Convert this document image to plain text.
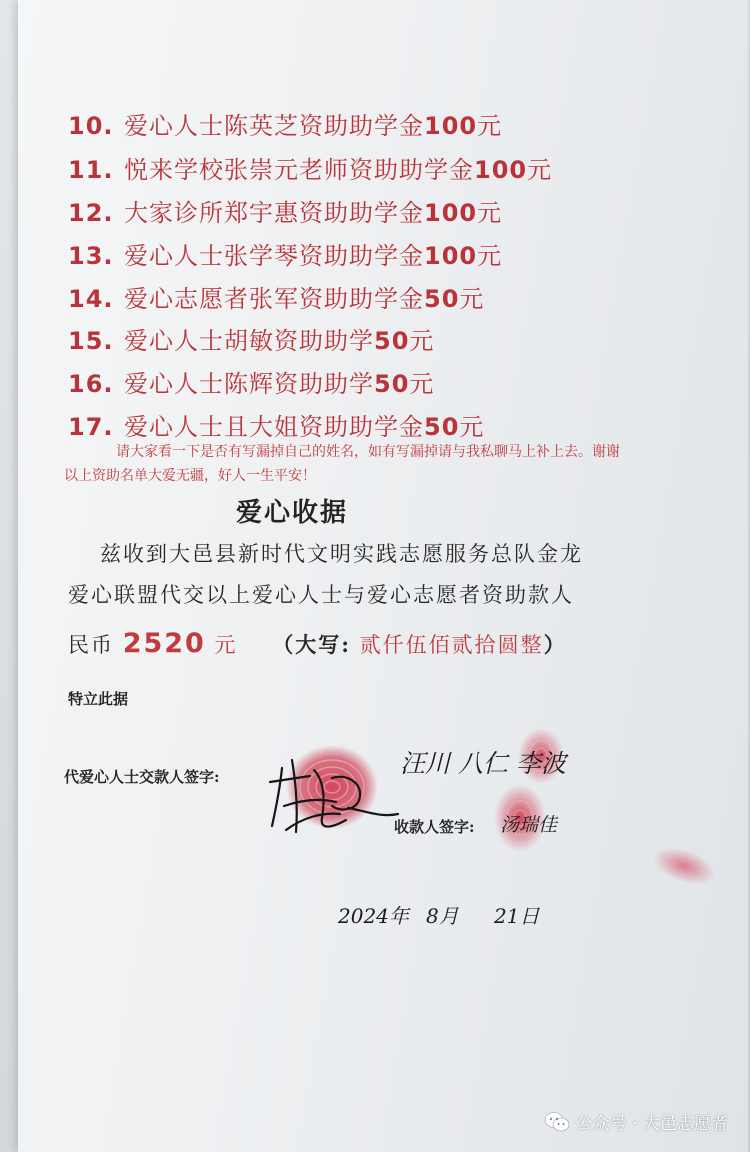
10. 爱心人士陈英芝资助助学金100元
11. 悦来学校张崇元老师资助助学金100元
12. 大家诊所郑宇惠资助助学金100元
13. 爱心人士张学琴资助助学金100元
14. 爱心志愿者张军资助助学金50元
15. 爱心人士胡敏资助助学50元
16. 爱心人士陈辉资助助学50元
17. 爱心人士且大姐资助助学金50元
请大家看一下是否有写漏掉自己的姓名，如有写漏掉请与我私聊马上补上去。谢谢以上资助名单大爱无疆，好人一生平安！
爱心收据
兹收到大邑县新时代文明实践志愿服务总队金龙
爱心联盟代交以上爱心人士与爱心志愿者资助款人
民币 2520 元 （大写: 贰仟伍佰贰拾圆整）
特立此据
代爱心人士交款人签字:	汪川 八仁 李波
收款人签字: 汤瑞佳
2024年 8月 21日
公众号 · 大邑志愿者
